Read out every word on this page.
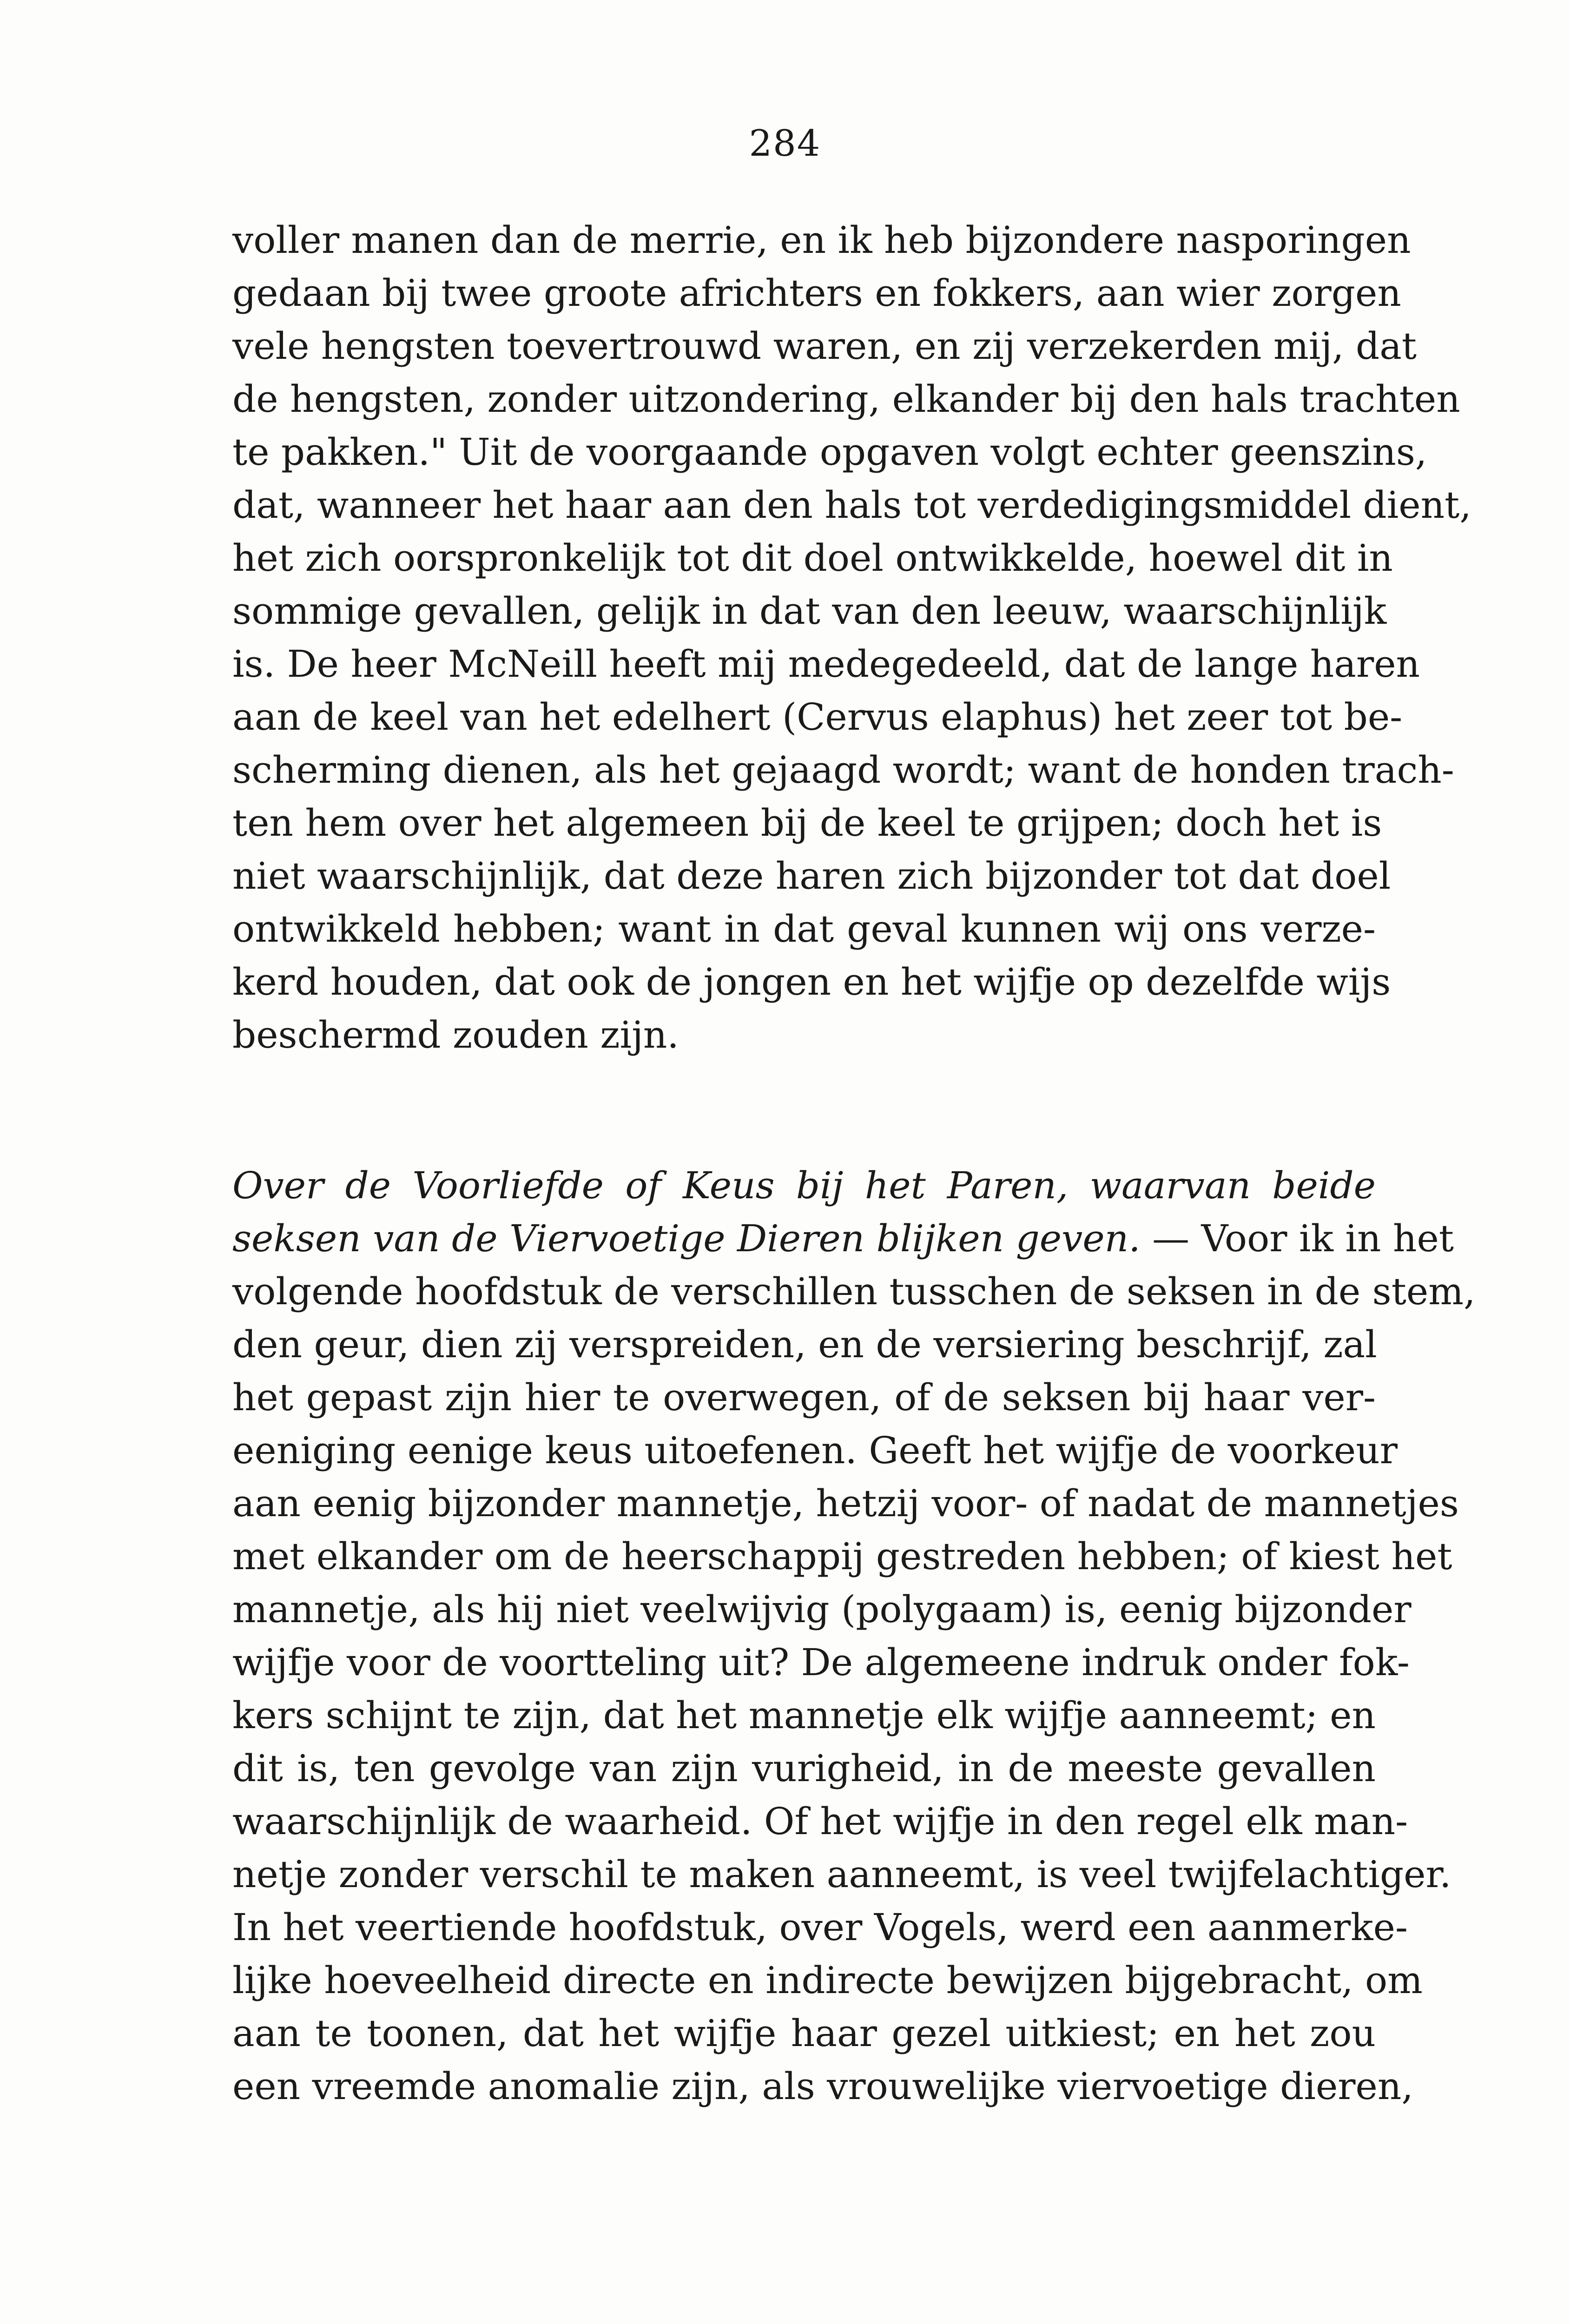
284
voller manen dan de merrie, en ik heb bijzondere nasporingen
gedaan bij twee groote africhters en fokkers, aan wier zorgen
vele hengsten toevertrouwd waren, en zij verzekerden mij, dat
de hengsten, zonder uitzondering, elkander bij den hals trachten
te pakken." Uit de voorgaande opgaven volgt echter geenszins,
dat, wanneer het haar aan den hals tot verdedigingsmiddel dient,
het zich oorspronkelijk tot dit doel ontwikkelde, hoewel dit in
sommige gevallen, gelijk in dat van den leeuw, waarschijnlijk
is. De heer McNeill heeft mij medegedeeld, dat de lange haren
aan de keel van het edelhert (Cervus elaphus) het zeer tot be-
scherming dienen, als het gejaagd wordt; want de honden trach-
ten hem over het algemeen bij de keel te grijpen; doch het is
niet waarschijnlijk, dat deze haren zich bijzonder tot dat doel
ontwikkeld hebben; want in dat geval kunnen wij ons verze-
kerd houden, dat ook de jongen en het wijfje op dezelfde wijs
beschermd zouden zijn.
Over de Voorliefde of Keus bij het Paren, waarvan beide
seksen van de Viervoetige Dieren blijken geven. — Voor ik in het
volgende hoofdstuk de verschillen tusschen de seksen in de stem,
den geur, dien zij verspreiden, en de versiering beschrijf, zal
het gepast zijn hier te overwegen, of de seksen bij haar ver-
eeniging eenige keus uitoefenen. Geeft het wijfje de voorkeur
aan eenig bijzonder mannetje, hetzij voor- of nadat de mannetjes
met elkander om de heerschappij gestreden hebben; of kiest het
mannetje, als hij niet veelwijvig (polygaam) is, eenig bijzonder
wijfje voor de voortteling uit? De algemeene indruk onder fok-
kers schijnt te zijn, dat het mannetje elk wijfje aanneemt; en
dit is, ten gevolge van zijn vurigheid, in de meeste gevallen
waarschijnlijk de waarheid. Of het wijfje in den regel elk man-
netje zonder verschil te maken aanneemt, is veel twijfelachtiger.
In het veertiende hoofdstuk, over Vogels, werd een aanmerke-
lijke hoeveelheid directe en indirecte bewijzen bijgebracht, om
aan te toonen, dat het wijfje haar gezel uitkiest; en het zou
een vreemde anomalie zijn, als vrouwelijke viervoetige dieren,
